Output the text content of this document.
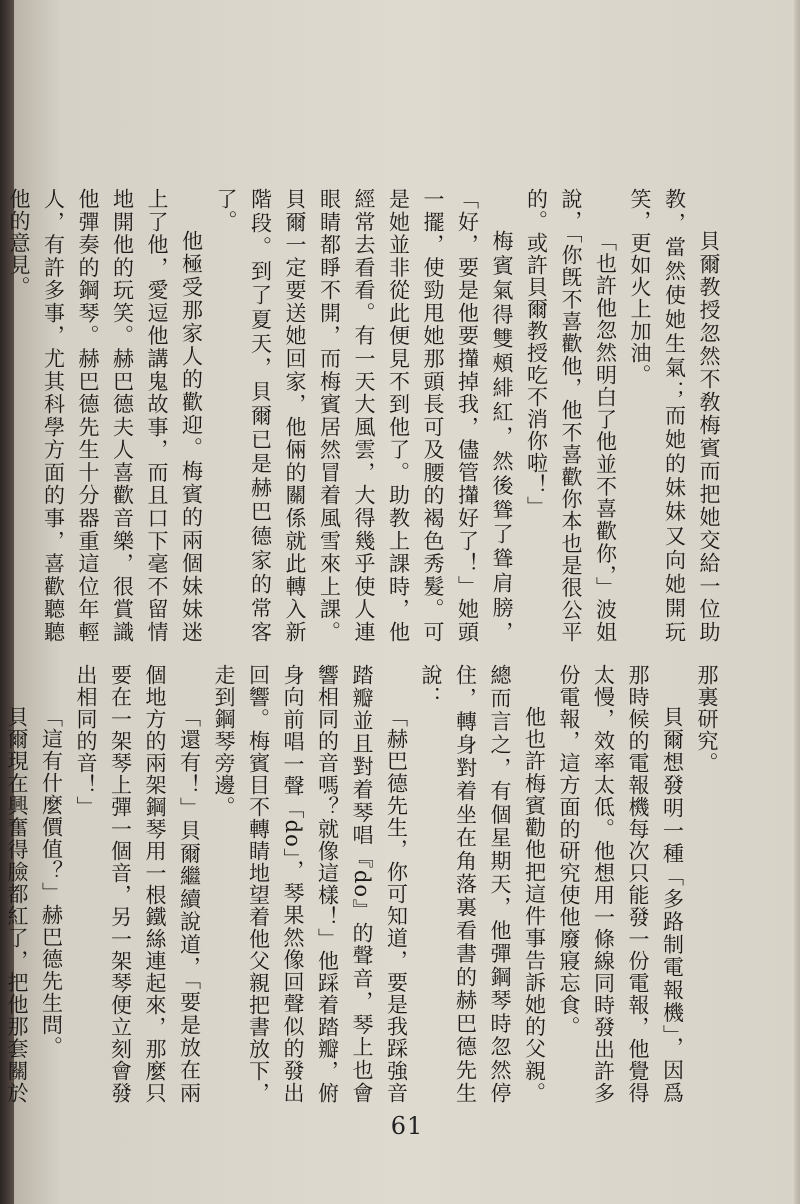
貝爾教授忽然不敎梅賓而把她交給一位助教，當然使她生氣；而她的妹妹又向她開玩笑，更如火上加油。

「也許他忽然明白了他並不喜歡你，」波姐說，「你旣不喜歡他，他不喜歡你本也是很公平的。或許貝爾教授吃不消你啦！」

梅賓氣得雙頰緋紅，然後聳了聳肩膀，「好，要是他要攆掉我，儘管攆好了！」她頭一擺，使勁甩她那頭長可及腰的褐色秀髮。可是她並非從此便見不到他了。助教上課時，他經常去看看。有一天大風雲，大得幾乎使人連眼睛都睜不開，而梅賓居然冒着風雪來上課。貝爾一定要送她回家，他倆的關係就此轉入新階段。到了夏天，貝爾已是赫巴德家的常客了。

他極受那家人的歡迎。梅賓的兩個妹妹迷上了他，愛逗他講鬼故事，而且口下毫不留情地開他的玩笑。赫巴德夫人喜歡音樂，很賞識他彈奏的鋼琴。赫巴德先生十分器重這位年輕人，有許多事，尤其科學方面的事，喜歡聽聽他的意見。

那裏研究。

貝爾想發明一種「多路制電報機」，因爲那時候的電報機每次只能發一份電報，他覺得太慢，效率太低。他想用一條線同時發出許多份電報，這方面的研究使他廢寢忘食。

他也許梅賓勸他把這件事告訴她的父親。總而言之，有個星期天，他彈鋼琴時忽然停住，轉身對着坐在角落裏看書的赫巴德先生說：

「赫巴德先生，你可知道，要是我踩強音踏瓣並且對着琴唱『do』的聲音，琴上也會響相同的音嗎？就像這樣！」他踩着踏瓣，俯身向前唱一聲「do」，琴果然像回聲似的發出回響。梅賓目不轉睛地望着他父親把書放下，走到鋼琴旁邊。

「還有！」貝爾繼續說道，「要是放在兩個地方的兩架鋼琴用一根鐵絲連起來，那麼只要在一架琴上彈一個音，另一架琴便立刻會發出相同的音！」

「這有什麼價值？」赫巴德先生問。

貝爾現在興奮得臉都紅了，把他那套關於

61
